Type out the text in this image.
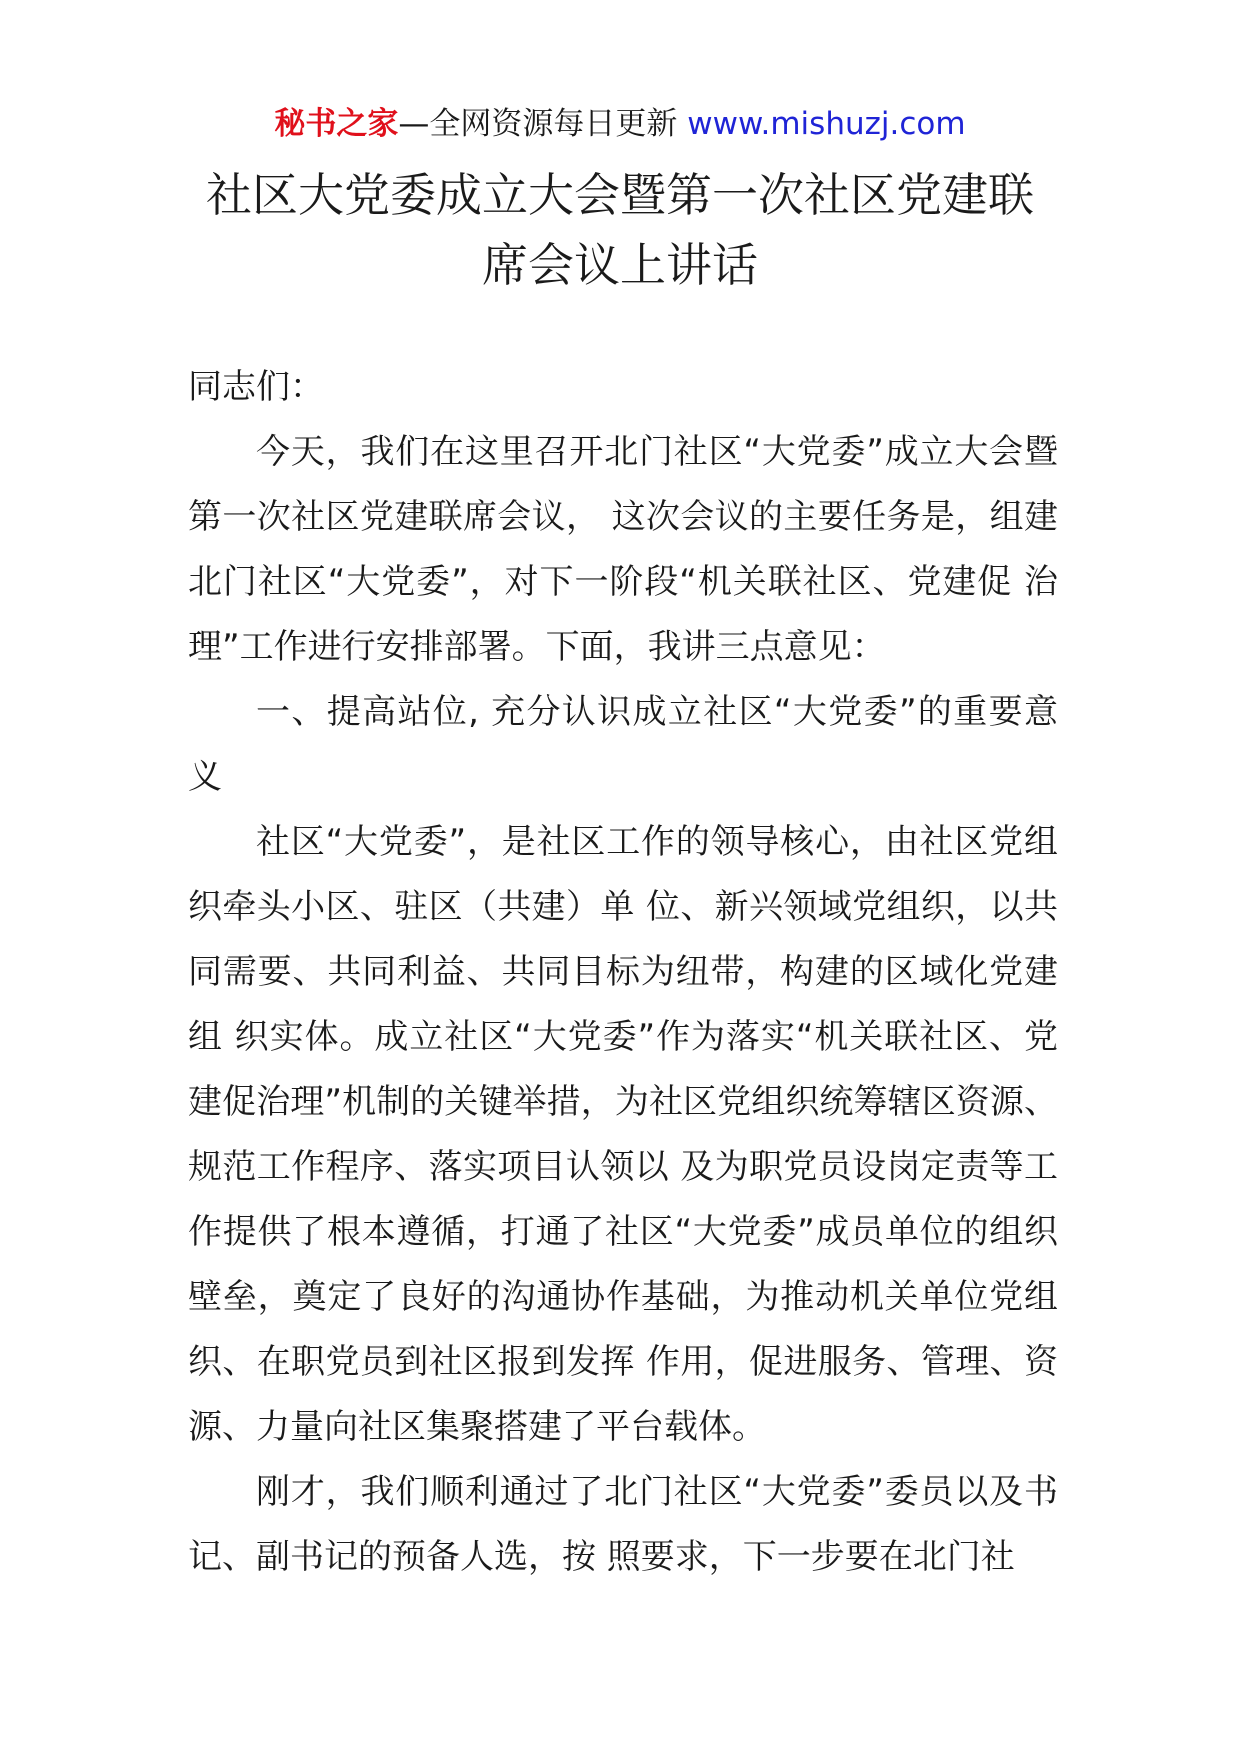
秘书之家—全网资源每日更新 www.mishuzj.com
社区大党委成立大会暨第一次社区党建联
席会议上讲话

同志们：

今天，我们在这里召开北门社区“大党委”成立大会暨第一次社区党建联席会议， 这次会议的主要任务是，组建北门社区“大党委”，对下一阶段“机关联社区、党建促 治理”工作进行安排部署。下面，我讲三点意见：

一、提高站位, 充分认识成立社区“大党委”的重要意义

社区“大党委”，是社区工作的领导核心，由社区党组织牵头小区、驻区（共建）单 位、新兴领域党组织，以共同需要、共同利益、共同目标为纽带，构建的区域化党建组 织实体。成立社区“大党委”作为落实“机关联社区、党建促治理”机制的关键举措，为社区党组织统筹辖区资源、规范工作程序、落实项目认领以 及为职党员设岗定责等工作提供了根本遵循，打通了社区“大党委”成员单位的组织 壁垒，奠定了良好的沟通协作基础，为推动机关单位党组织、在职党员到社区报到发挥 作用，促进服务、管理、资源、力量向社区集聚搭建了平台载体。

刚才，我们顺利通过了北门社区“大党委”委员以及书记、副书记的预备人选，按 照要求，下一步要在北门社
